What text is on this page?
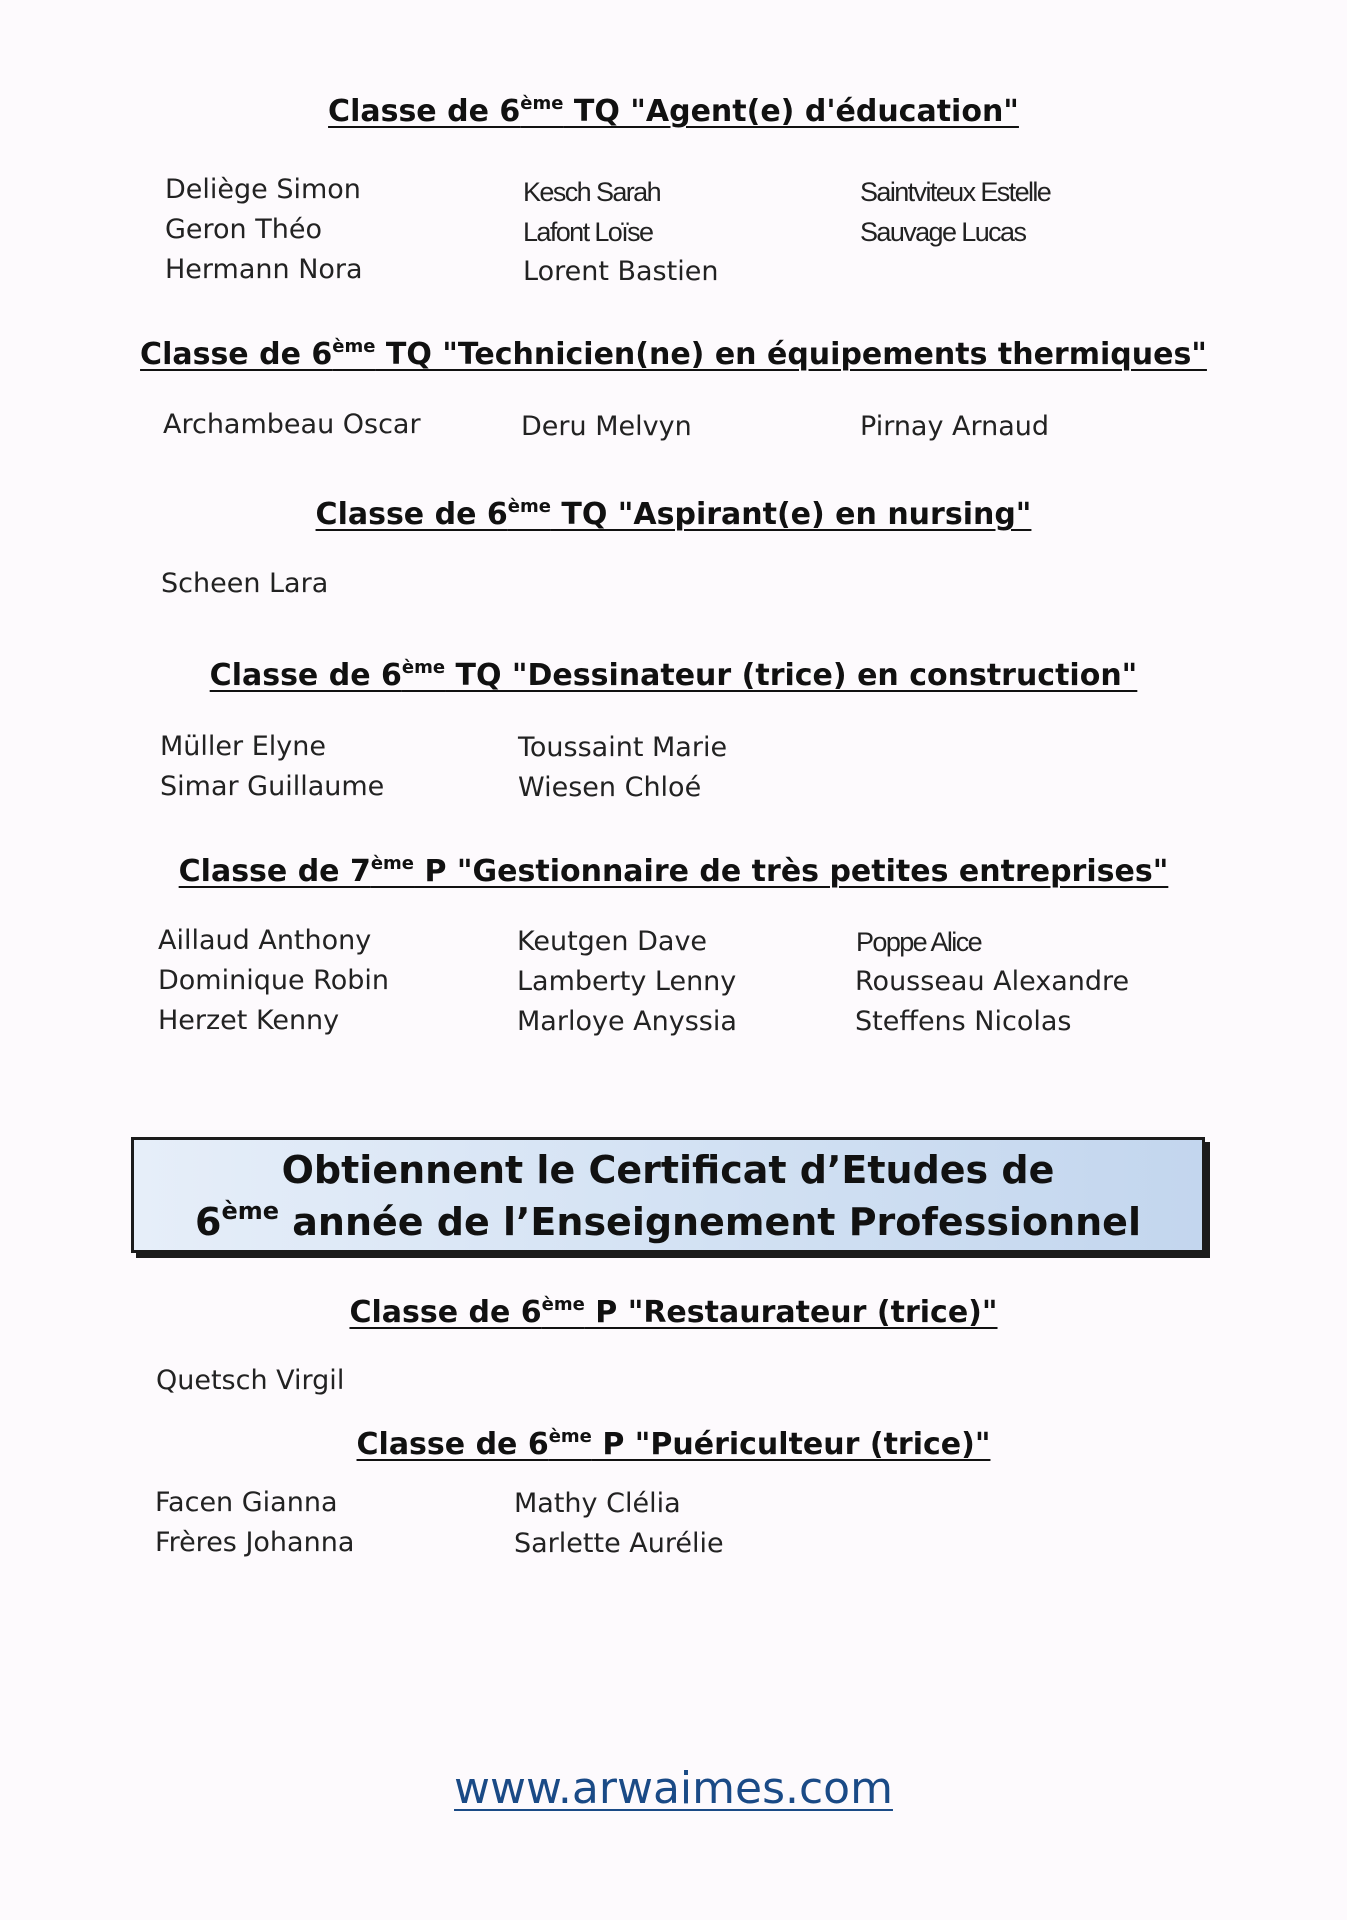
Classe de 6ème TQ "Agent(e) d'éducation"
Deliège Simon
Geron Théo
Hermann Nora
Kesch Sarah
Lafont Loïse
Lorent Bastien
Saintviteux Estelle
Sauvage Lucas
Classe de 6ème TQ "Technicien(ne) en équipements thermiques"
Archambeau Oscar	Deru Melvyn	Pirnay Arnaud
Classe de 6ème TQ "Aspirant(e) en nursing"
Scheen Lara
Classe de 6ème TQ "Dessinateur (trice) en construction"
Müller Elyne
Simar Guillaume
Toussaint Marie
Wiesen Chloé
Classe de 7ème P "Gestionnaire de très petites entreprises"
Aillaud Anthony
Dominique Robin
Herzet Kenny
Keutgen Dave
Lamberty Lenny
Marloye Anyssia
Poppe Alice
Rousseau Alexandre
Steffens Nicolas
Obtiennent le Certificat d’Etudes de
6ème année de l’Enseignement Professionnel
Classe de 6ème P "Restaurateur (trice)"
Quetsch Virgil
Classe de 6ème P "Puériculteur (trice)"
Facen Gianna
Frères Johanna
Mathy Clélia
Sarlette Aurélie
www.arwaimes.com
